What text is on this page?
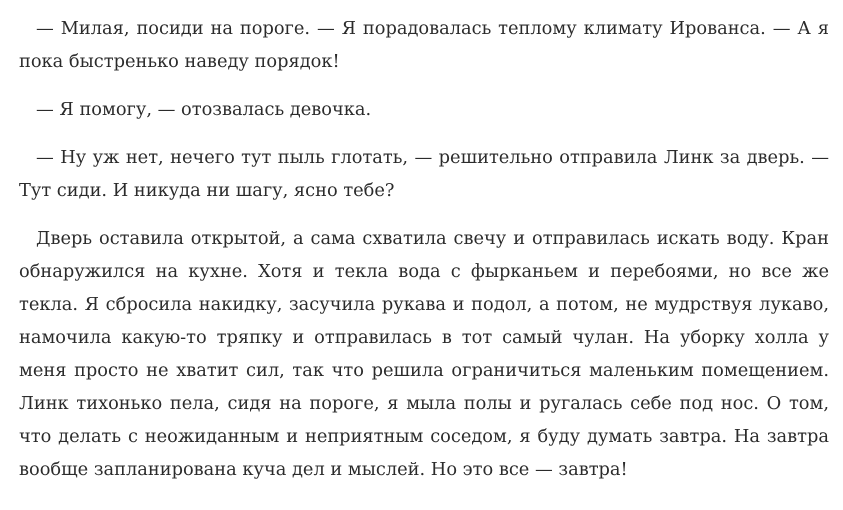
— Милая, посиди на пороге. — Я порадовалась теплому климату Ированса. — А я пока быстренько наведу порядок!

— Я помогу, — отозвалась девочка.

— Ну уж нет, нечего тут пыль глотать, — решительно отправила Линк за дверь. — Тут сиди. И никуда ни шагу, ясно тебе?

Дверь оставила открытой, а сама схватила свечу и отправилась искать воду. Кран обнаружился на кухне. Хотя и текла вода с фырканьем и перебоями, но все же текла. Я сбросила накидку, засучила рукава и подол, а потом, не мудрствуя лукаво, намочила какую-то тряпку и отправилась в тот самый чулан. На уборку холла у меня просто не хватит сил, так что решила ограничиться маленьким помещением. Линк тихонько пела, сидя на пороге, я мыла полы и ругалась себе под нос. О том, что делать с неожиданным и неприятным соседом, я буду думать завтра. На завтра вообще запланирована куча дел и мыслей. Но это все — завтра!
